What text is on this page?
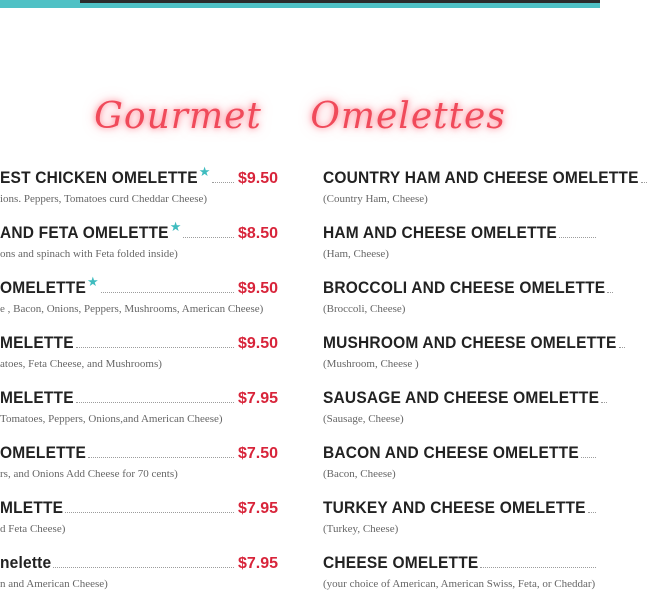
Gourmet Omelettes
EST CHICKEN OMELETTE ★ $9.50
ions. Peppers, Tomatoes curd Cheddar Cheese)
AND FETA OMELETTE ★	$8.50
ons and spinach with Feta folded inside)
OMELETTE ★	$9.50
e , Bacon, Onions, Peppers, Mushrooms, American Cheese)
MELETTE	$9.50
atoes, Feta Cheese, and Mushrooms)
MELETTE	$7.95
Tomatoes, Peppers, Onions,and American Cheese)
OMELETTE	$7.50
rs, and Onions Add Cheese for 70 cents)
MLETTE	$7.95
d Feta Cheese)
nelette	$7.95
n and American Cheese)
COUNTRY HAM AND CHEESE OMELETTE
(Country Ham, Cheese)
HAM AND CHEESE OMELETTE
(Ham, Cheese)
BROCCOLI AND CHEESE OMELETTE
(Broccoli, Cheese)
MUSHROOM AND CHEESE OMELETTE
(Mushroom, Cheese )
SAUSAGE AND CHEESE OMELETTE
(Sausage, Cheese)
BACON AND CHEESE OMELETTE
(Bacon, Cheese)
TURKEY AND CHEESE OMELETTE
(Turkey, Cheese)
CHEESE OMELETTE
(your choice of American, American Swiss, Feta, or Cheddar)
